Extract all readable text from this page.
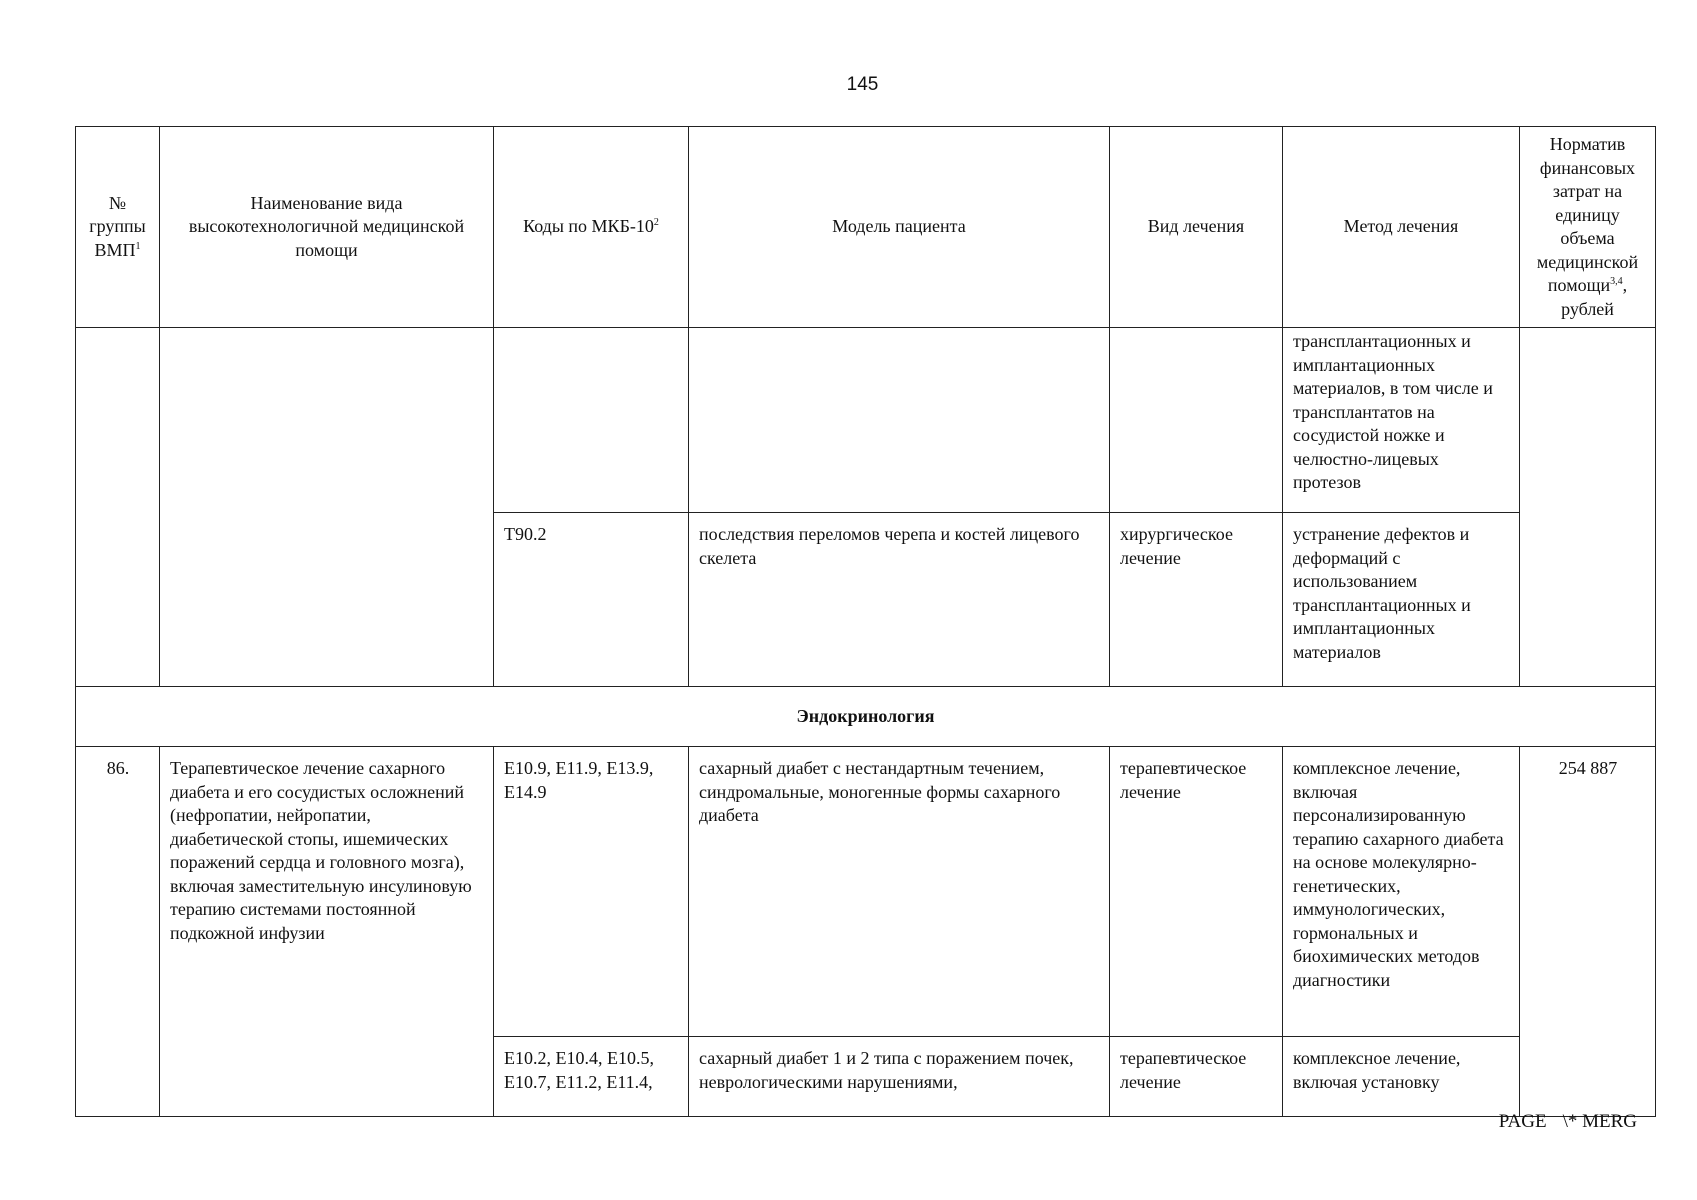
145
№ группы ВМП$^1$	Наименование вида высокотехнологичной медицинской помощи	Коды по МКБ-$10^2$	Модель пациента	Вид лечения	Метод лечения	Норматив финансовых затрат на единицу объема медицинской помощи$^{3,4}$, рублей
					трансплантационных и имплантационных материалов, в том числе и трансплантатов на сосудистой ножке и челюстно-лицевых протезов	
		T90.2	последствия переломов черепа и костей лицевого скелета	хирургическое лечение	устранение дефектов и деформаций с использованием трансплантационных и имплантационных материалов	
Эндокринология						
86.	Терапевтическое лечение сахарного диабета и его сосудистых осложнений (нефропатии, нейропатии, диабетической стопы, ишемических поражений сердца и головного мозга), включая заместительную инсулиновую терапию системами постоянной подкожной инфузии	E10.9, E11.9, E13.9, E14.9	сахарный диабет с нестандартным течением, синдромальные, моногенные формы сахарного диабета	терапевтическое лечение	комплексное лечение, включая персонализированную терапию сахарного диабета на основе молекулярно-генетических, иммунологических, гормональных и биохимических методов диагностики	254 887
		E10.2, E10.4, E10.5, E10.7, E11.2, E11.4,	сахарный диабет 1 и 2 типа с поражением почек, неврологическими нарушениями,	терапевтическое лечение	комплексное лечение, включая установку	
PAGE \* MERG
